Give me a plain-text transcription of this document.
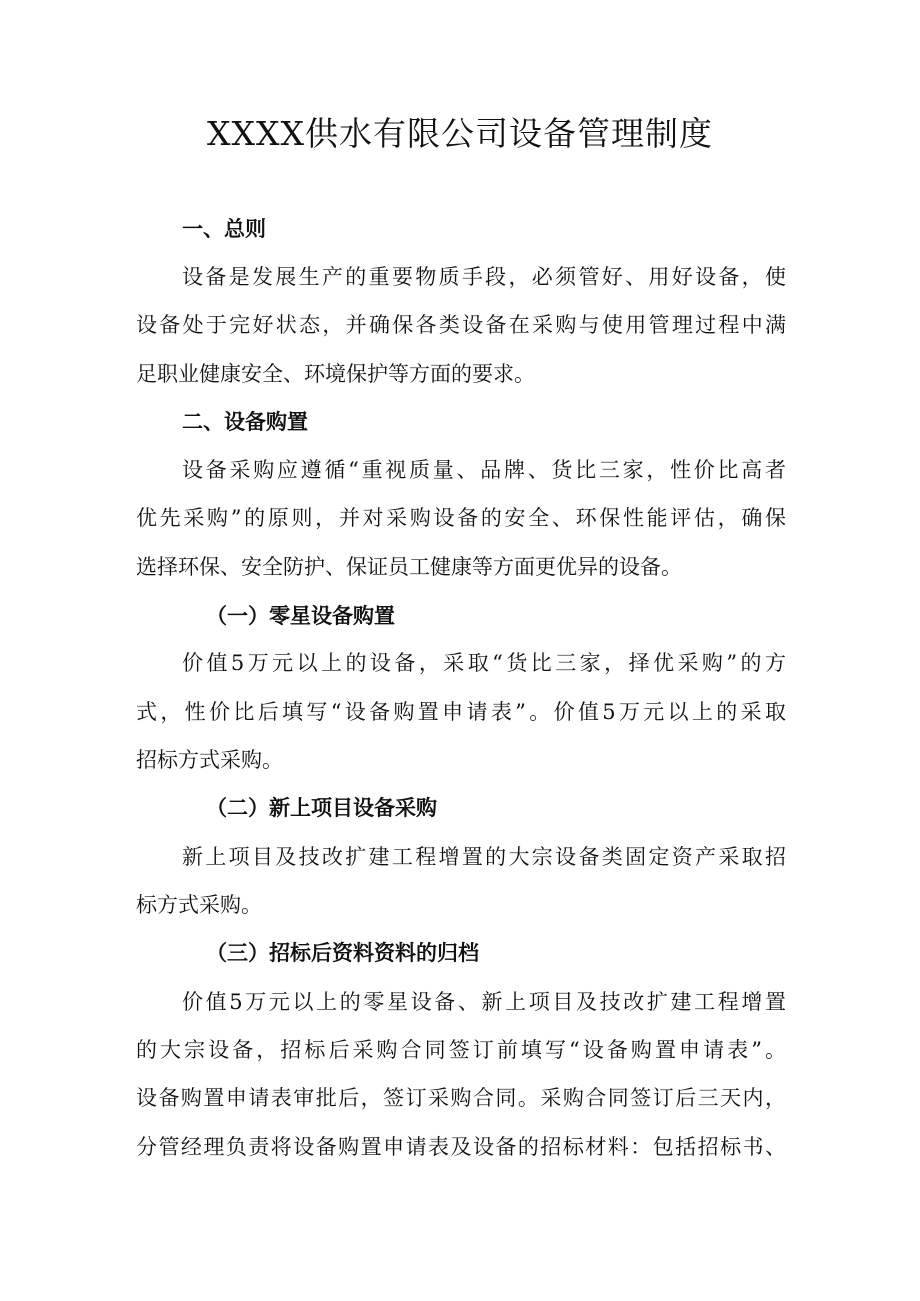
XXXX供水有限公司设备管理制度
一、总则
设备是发展生产的重要物质手段，必须管好、用好设备，使
设备处于完好状态，并确保各类设备在采购与使用管理过程中满
足职业健康安全、环境保护等方面的要求。
二、设备购置
设备采购应遵循“重视质量、品牌、货比三家，性价比高者
优先采购”的原则，并对采购设备的安全、环保性能评估，确保
选择环保、安全防护、保证员工健康等方面更优异的设备。
（一）零星设备购置
价值5万元以上的设备，采取“货比三家，择优采购”的方
式，性价比后填写“设备购置申请表”。价值5万元以上的采取
招标方式采购。
（二）新上项目设备采购
新上项目及技改扩建工程增置的大宗设备类固定资产采取招
标方式采购。
（三）招标后资料资料的归档
价值5万元以上的零星设备、新上项目及技改扩建工程增置
的大宗设备，招标后采购合同签订前填写“设备购置申请表”。
设备购置申请表审批后，签订采购合同。采购合同签订后三天内，
分管经理负责将设备购置申请表及设备的招标材料：包括招标书、
